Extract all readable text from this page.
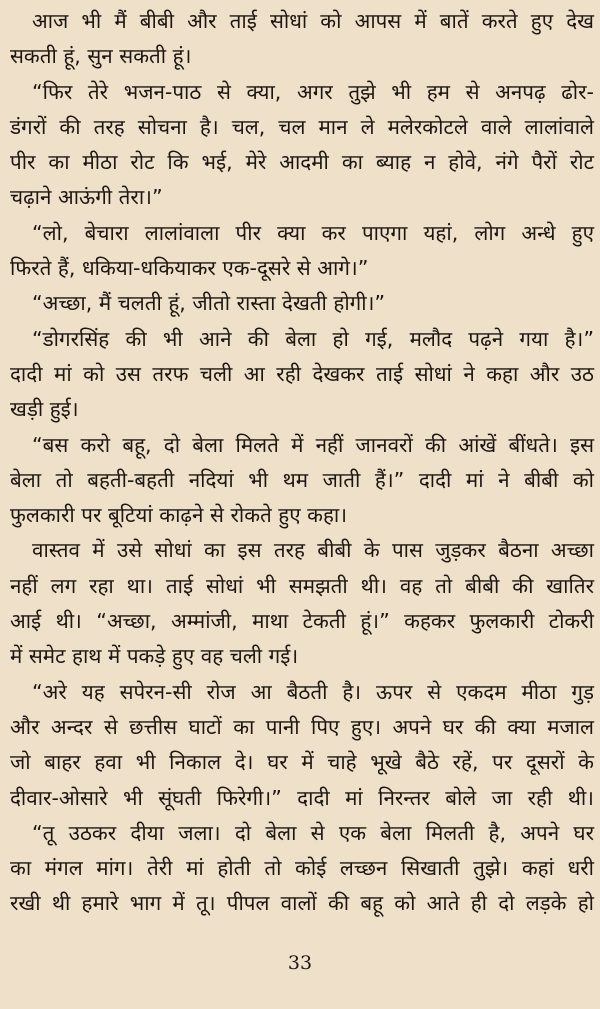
आज भी मैं बीबी और ताई सोधां को आपस में बातें करते हुए देख
सकती हूं, सुन सकती हूं।
“फिर तेरे भजन-पाठ से क्या, अगर तुझे भी हम से अनपढ़ ढोर-
डंगरों की तरह सोचना है। चल, चल मान ले मलेरकोटले वाले लालांवाले
पीर का मीठा रोट कि भई, मेरे आदमी का ब्याह न होवे, नंगे पैरों रोट
चढ़ाने आऊंगी तेरा।”
“लो, बेचारा लालांवाला पीर क्या कर पाएगा यहां, लोग अन्धे हुए
फिरते हैं, धकिया-धकियाकर एक-दूसरे से आगे।”
“अच्छा, मैं चलती हूं, जीतो रास्ता देखती होगी।”
“डोगरसिंह की भी आने की बेला हो गई, मलौद पढ़ने गया है।”
दादी मां को उस तरफ चली आ रही देखकर ताई सोधां ने कहा और उठ
खड़ी हुई।
“बस करो बहू, दो बेला मिलते में नहीं जानवरों की आंखें बींधते। इस
बेला तो बहती-बहती नदियां भी थम जाती हैं।” दादी मां ने बीबी को
फुलकारी पर बूटियां काढ़ने से रोकते हुए कहा।
वास्तव में उसे सोधां का इस तरह बीबी के पास जुड़कर बैठना अच्छा
नहीं लग रहा था। ताई सोधां भी समझती थी। वह तो बीबी की खातिर
आई थी। “अच्छा, अम्मांजी, माथा टेकती हूं।” कहकर फुलकारी टोकरी
में समेट हाथ में पकड़े हुए वह चली गई।
“अरे यह सपेरन-सी रोज आ बैठती है। ऊपर से एकदम मीठा गुड़
और अन्दर से छत्तीस घाटों का पानी पिए हुए। अपने घर की क्या मजाल
जो बाहर हवा भी निकाल दे। घर में चाहे भूखे बैठे रहें, पर दूसरों के
दीवार-ओसारे भी सूंघती फिरेगी।” दादी मां निरन्तर बोले जा रही थी।
“तू उठकर दीया जला। दो बेला से एक बेला मिलती है, अपने घर
का मंगल मांग। तेरी मां होती तो कोई लच्छन सिखाती तुझे। कहां धरी
रखी थी हमारे भाग में तू। पीपल वालों की बहू को आते ही दो लड़के हो
33
